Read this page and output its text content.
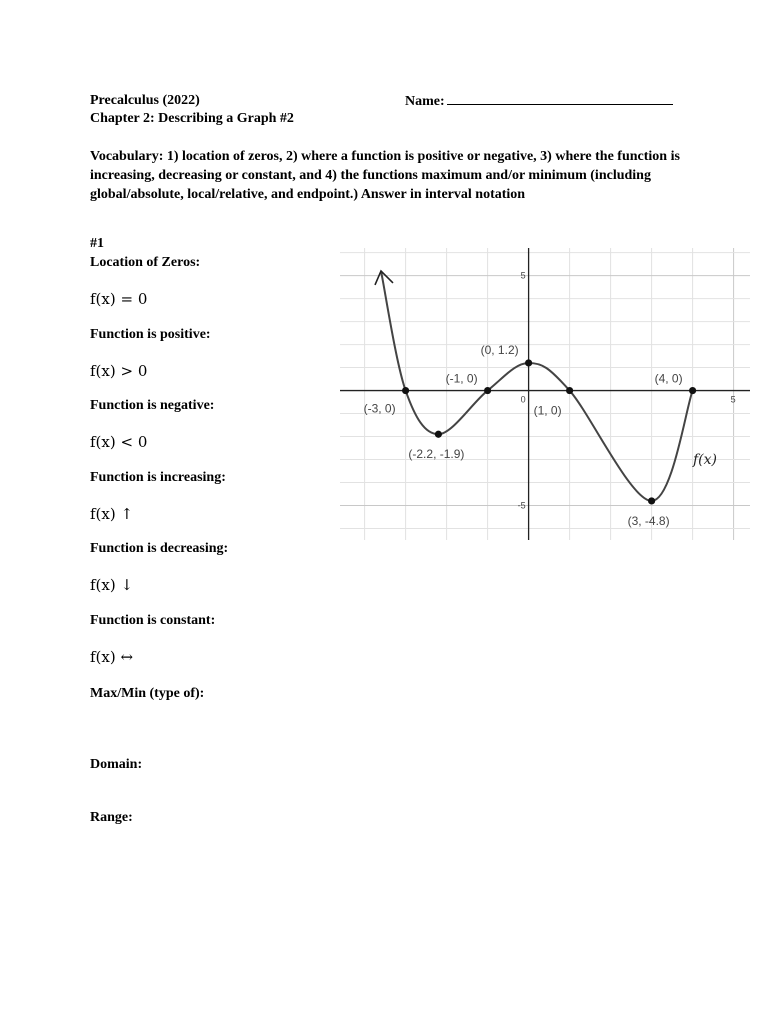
Precalculus (2022)
Chapter 2: Describing a Graph #2
Name:
Vocabulary: 1) location of zeros, 2) where a function is positive or negative, 3) where the function is increasing, decreasing or constant, and 4) the functions maximum and/or minimum (including global/absolute, local/relative, and endpoint.) Answer in interval notation
#1
Location of Zeros:
f(x) = 0
Function is positive:
f(x) > 0
Function is negative:
f(x) < 0
Function is increasing:
f(x) ↑
Function is decreasing:
f(x) ↓
Function is constant:
f(x) ↔
Max/Min (type of):
Domain:
Range:
0	5
5
-5
(-3, 0)
(-2.2, -1.9)
(-1, 0)
(0, 1.2)
(1, 0)
(3, -4.8)
(4, 0)
f(x)
